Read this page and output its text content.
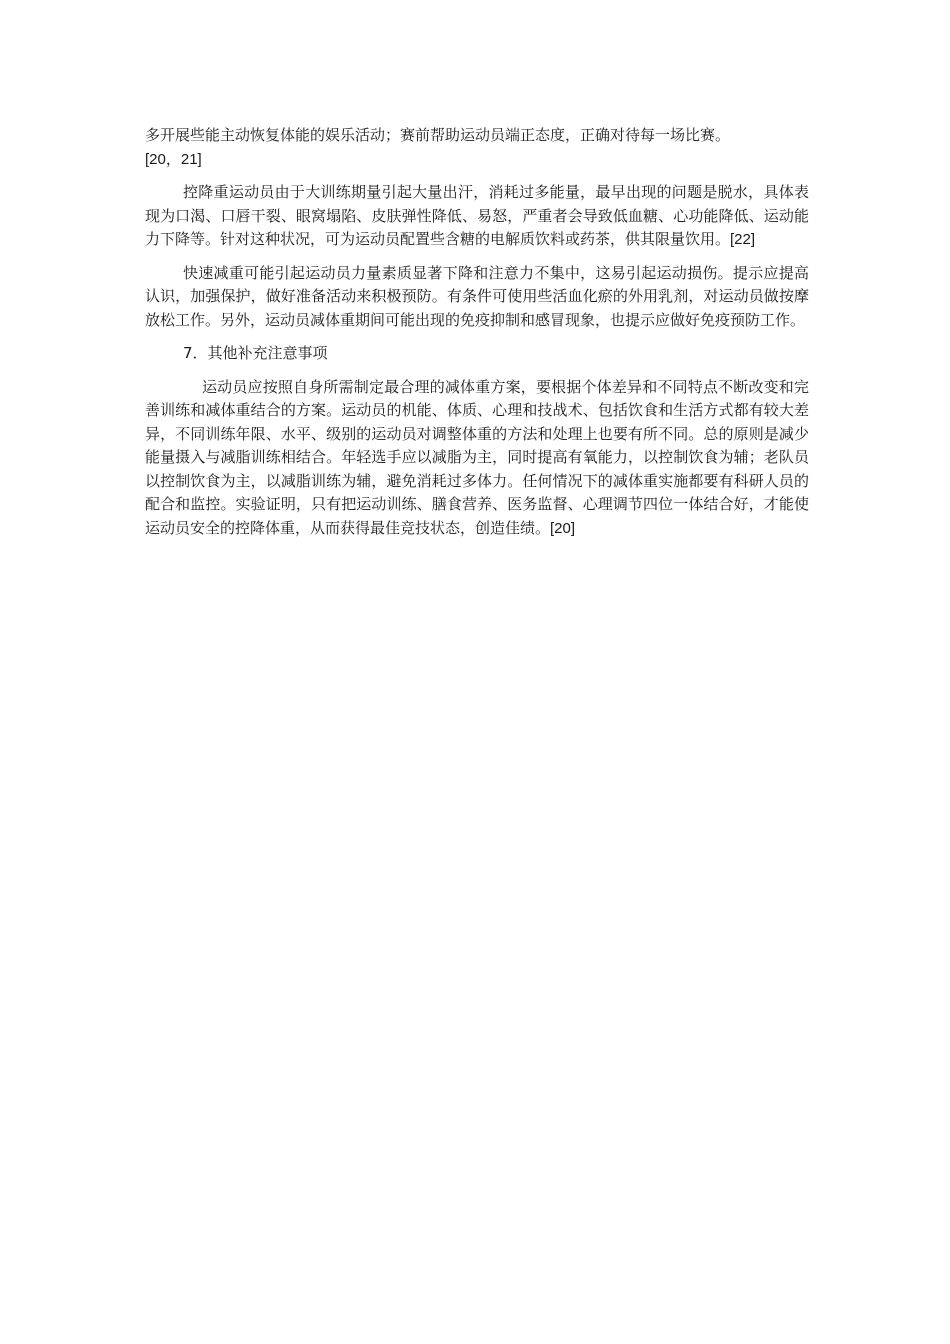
多开展些能主动恢复体能的娱乐活动；赛前帮助运动员端正态度，正确对待每一场比赛。
[20，21]

控降重运动员由于大训练期量引起大量出汗，消耗过多能量，最早出现的问题是脱水，具体表现为口渴、口唇干裂、眼窝塌陷、皮肤弹性降低、易怒，严重者会导致低血糖、心功能降低、运动能力下降等。针对这种状况，可为运动员配置些含糖的电解质饮料或药茶，供其限量饮用。[22]

快速减重可能引起运动员力量素质显著下降和注意力不集中，这易引起运动损伤。提示应提高认识，加强保护，做好准备活动来积极预防。有条件可使用些活血化瘀的外用乳剂，对运动员做按摩放松工作。另外，运动员减体重期间可能出现的免疫抑制和感冒现象，也提示应做好免疫预防工作。

7．其他补充注意事项

运动员应按照自身所需制定最合理的减体重方案，要根据个体差异和不同特点不断改变和完善训练和减体重结合的方案。运动员的机能、体质、心理和技战术、包括饮食和生活方式都有较大差异，不同训练年限、水平、级别的运动员对调整体重的方法和处理上也要有所不同。总的原则是减少能量摄入与减脂训练相结合。年轻选手应以减脂为主，同时提高有氧能力，以控制饮食为辅；老队员以控制饮食为主，以减脂训练为辅，避免消耗过多体力。任何情况下的减体重实施都要有科研人员的配合和监控。实验证明，只有把运动训练、膳食营养、医务监督、心理调节四位一体结合好，才能使运动员安全的控降体重，从而获得最佳竞技状态，创造佳绩。[20]
